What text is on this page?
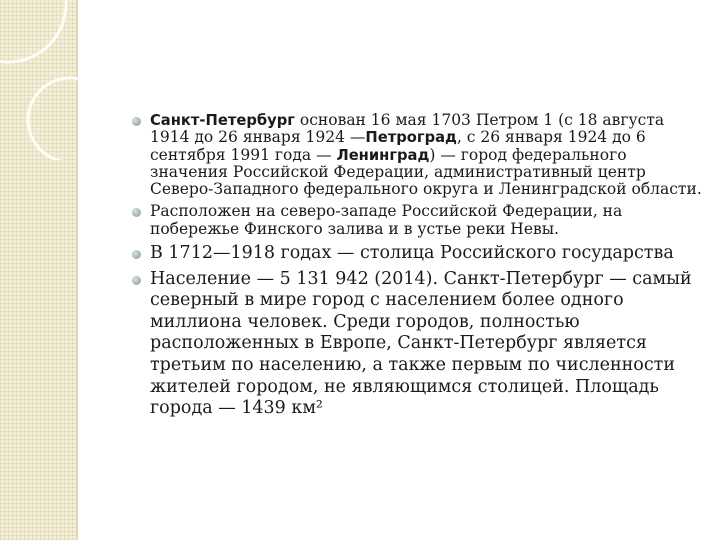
Санкт-Петербург основан 16 мая 1703 Петром 1 (с 18 августа 1914 до 26 января 1924 —Петроград, с 26 января 1924 до 6 сентября 1991 года — Ленинград) — город федерального значения Российской Федерации, административный центр Северо-Западного федерального округа и Ленинградской области.
Расположен на северо-западе Российской Федерации, на побережье Финского залива и в устье реки Невы.
В 1712—1918 годах — столица Российского государства
Население — 5 131 942 (2014). Санкт-Петербург — самый северный в мире город с населением более одного миллиона человек. Среди городов, полностью расположенных в Европе, Санкт-Петербург является третьим по населению, а также первым по численности жителей городом, не являющимся столицей. Площадь города — 1439 км²
